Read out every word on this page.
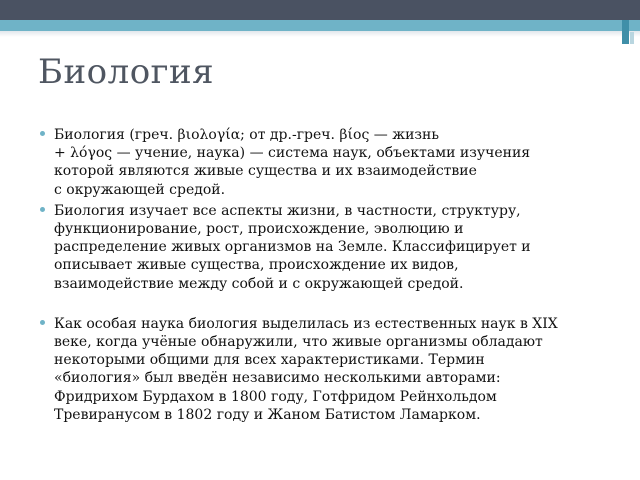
Биология
Биология (греч. βιολογία; от др.-греч. βίος — жизнь
+ λόγος — учение, наука) — система наук, объектами изучения
которой являются живые существа и их взаимодействие
с окружающей средой.
Биология изучает все аспекты жизни, в частности, структуру,
функционирование, рост, происхождение, эволюцию и
распределение живых организмов на Земле. Классифицирует и
описывает живые существа, происхождение их видов,
взаимодействие между собой и с окружающей средой.
Как особая наука биология выделилась из естественных наук в XIX
веке, когда учёные обнаружили, что живые организмы обладают
некоторыми общими для всех характеристиками. Термин
«биология» был введён независимо несколькими авторами:
Фридрихом Бурдахом в 1800 году, Готфридом Рейнхольдом
Тревиранусом в 1802 году и Жаном Батистом Ламарком.
